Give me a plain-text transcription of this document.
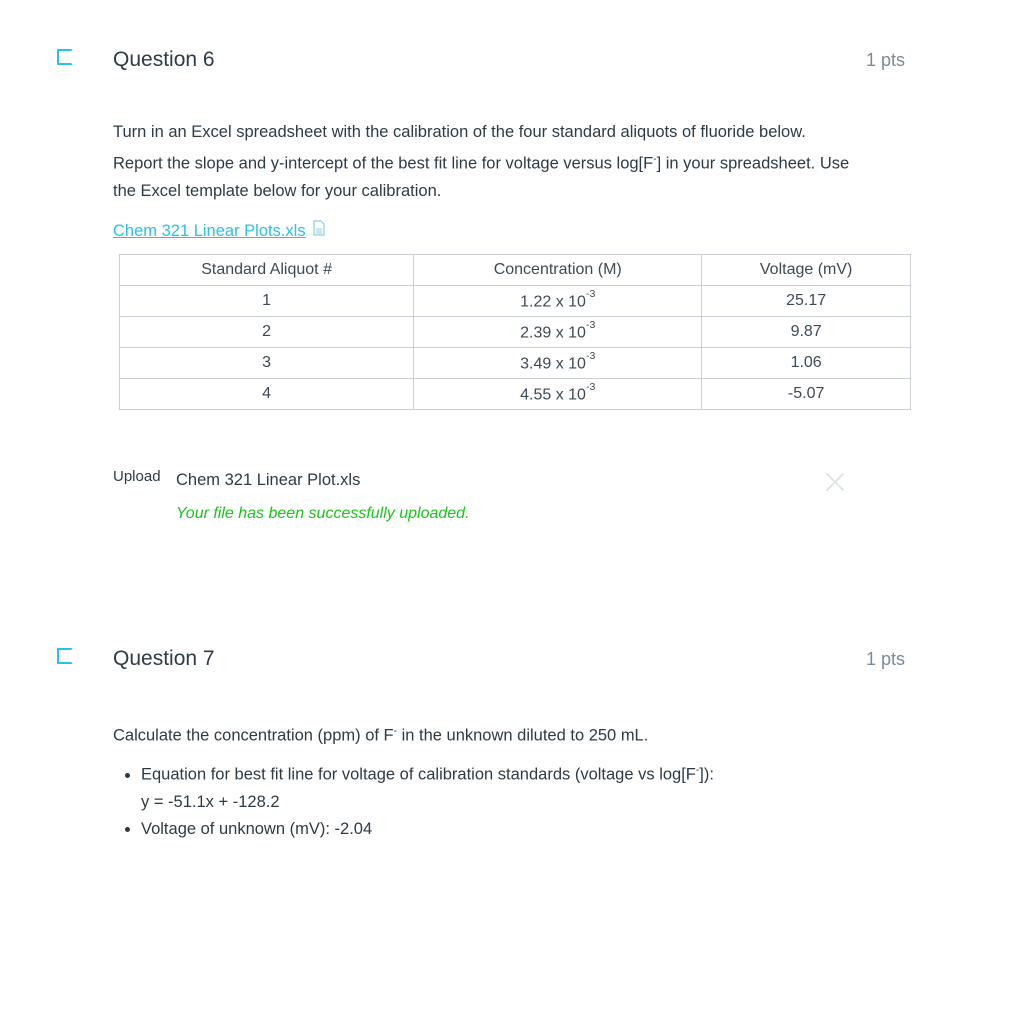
Question 6	1 pts

Turn in an Excel spreadsheet with the calibration of the four standard aliquots of fluoride below.

Report the slope and y-intercept of the best fit line for voltage versus log[F-] in your spreadsheet. Use

the Excel template below for your calibration.

Chem 321 Linear Plots.xls

Standard Aliquot #	Concentration (M)	Voltage (mV)
1	1.22 x $10^{-3}$	25.17
2	2.39 x $10^{-3}$	9.87
3	3.49 x $10^{-3}$	1.06
4	4.55 x $10^{-3}$	-5.07
Upload Chem 321 Linear Plot.xls
Your file has been successfully uploaded.
Question 7	1 pts

Calculate the concentration (ppm) of F- in the unknown diluted to 250 mL.

• Equation for best fit line for voltage of calibration standards (voltage vs log[F-]):
y = -51.1x + -128.2
• Voltage of unknown (mV): -2.04
